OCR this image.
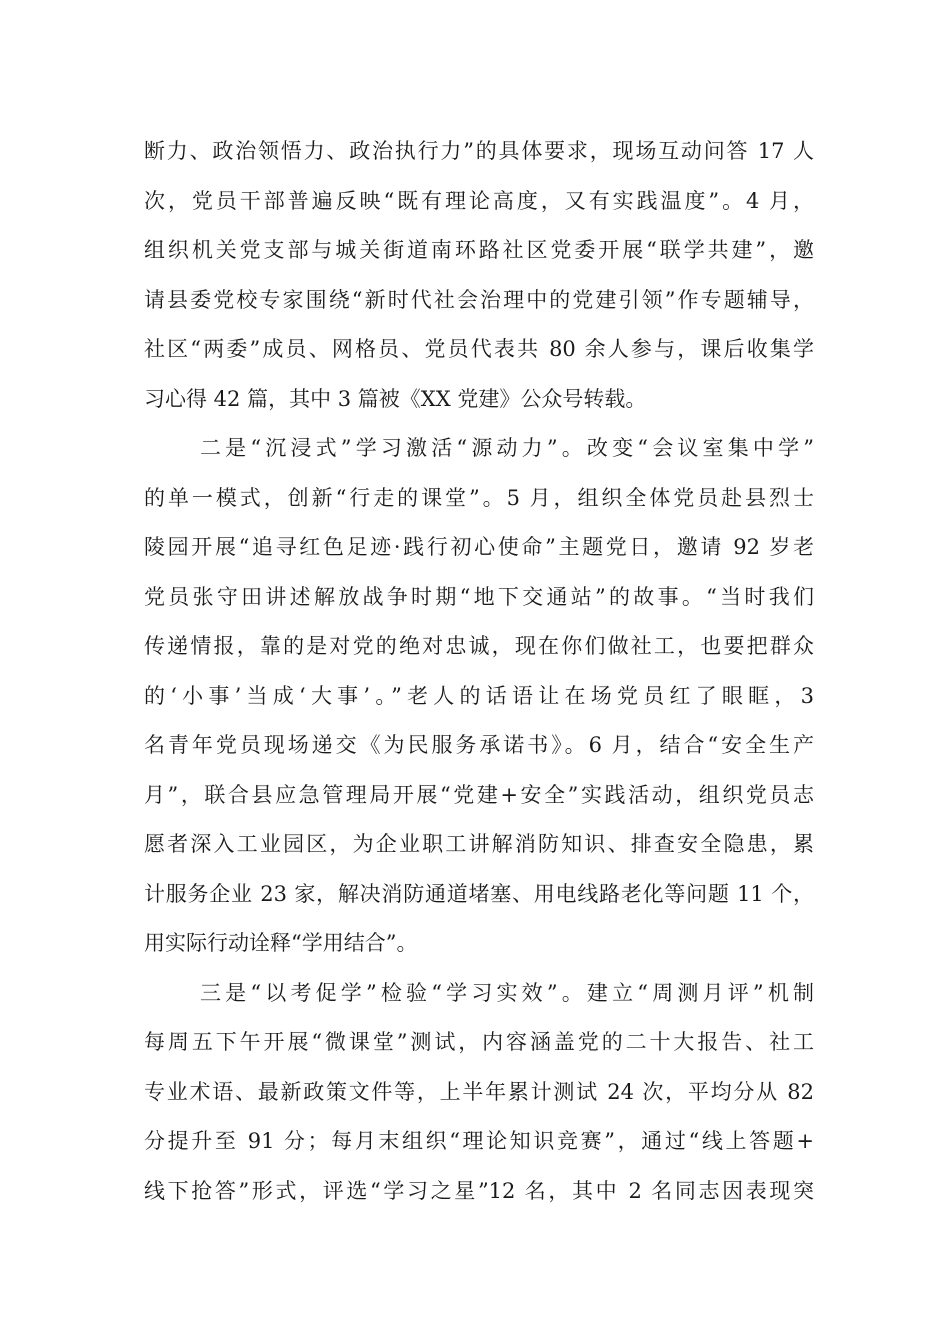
断力、政治领悟力、政治执行力”的具体要求，现场互动问答 17 人
次，党员干部普遍反映“既有理论高度，又有实践温度”。4 月，
组织机关党支部与城关街道南环路社区党委开展“联学共建”，邀
请县委党校专家围绕“新时代社会治理中的党建引领”作专题辅导，
社区“两委”成员、网格员、党员代表共 80 余人参与，课后收集学
习心得 42 篇，其中 3 篇被《XX 党建》公众号转载。
二是“沉浸式”学习激活“源动力”。改变“会议室集中学”
的单一模式，创新“行走的课堂”。5 月，组织全体党员赴县烈士
陵园开展“追寻红色足迹·践行初心使命”主题党日，邀请 92 岁老
党员张守田讲述解放战争时期“地下交通站”的故事。“当时我们
传递情报，靠的是对党的绝对忠诚，现在你们做社工，也要把群众
的‘小事’当成‘大事’。”老人的话语让在场党员红了眼眶，3
名青年党员现场递交《为民服务承诺书》。6 月，结合“安全生产
月”，联合县应急管理局开展“党建+安全”实践活动，组织党员志
愿者深入工业园区，为企业职工讲解消防知识、排查安全隐患，累
计服务企业 23 家，解决消防通道堵塞、用电线路老化等问题 11 个，
用实际行动诠释“学用结合”。
三是“以考促学”检验“学习实效”。建立“周测月评”机制
每周五下午开展“微课堂”测试，内容涵盖党的二十大报告、社工
专业术语、最新政策文件等，上半年累计测试 24 次，平均分从 82
分提升至 91 分；每月末组织“理论知识竞赛”，通过“线上答题+
线下抢答”形式，评选“学习之星”12 名，其中 2 名同志因表现突
